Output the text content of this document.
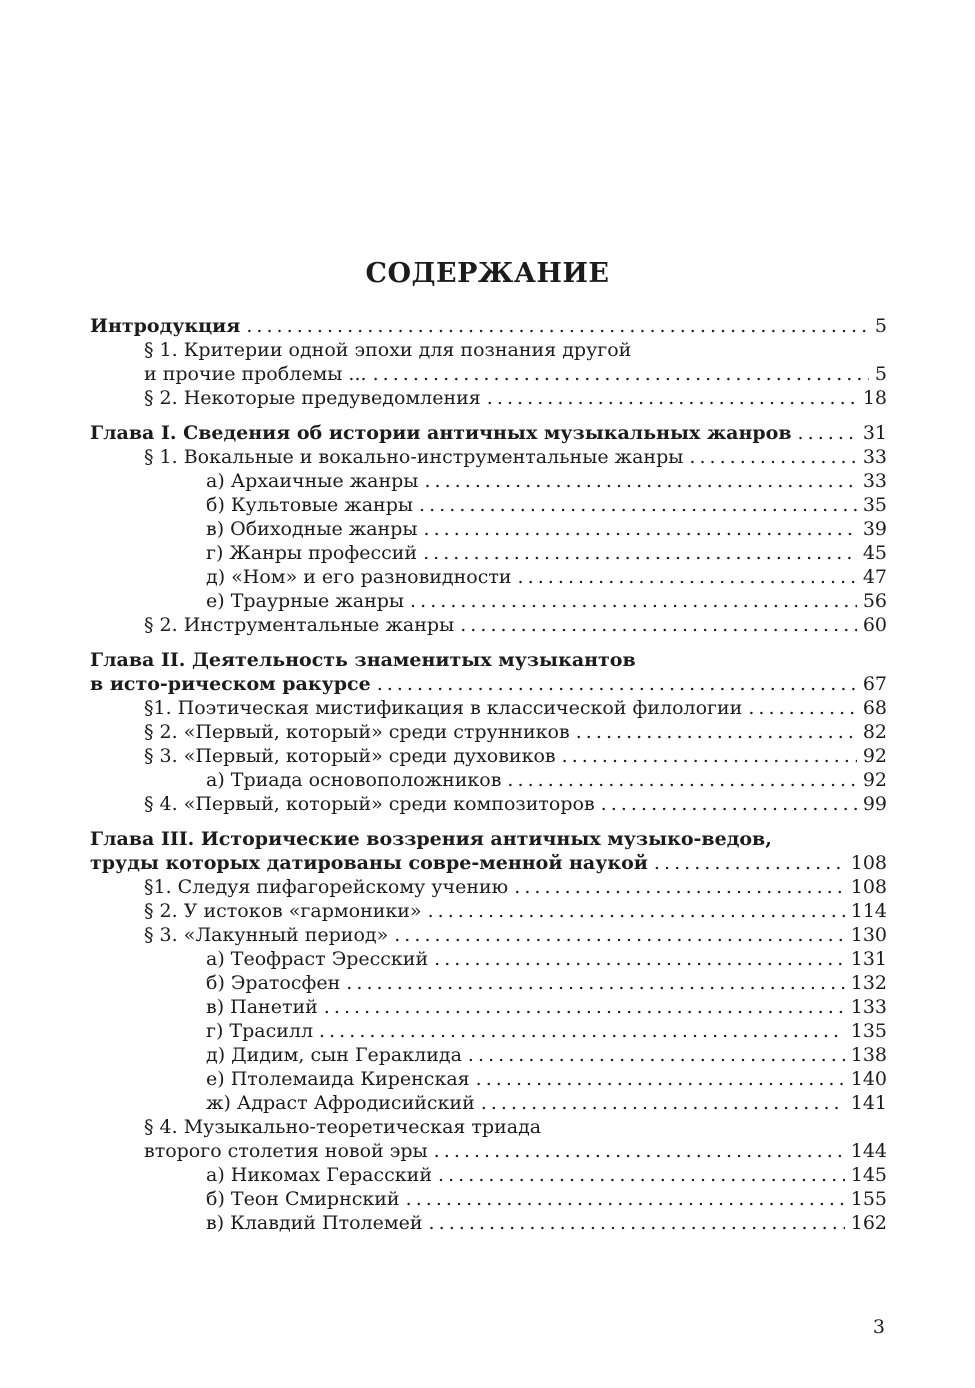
СОДЕРЖАНИЕ
Интродукция . . .	5
§ 1. Критерии одной эпохи для познания другой
и прочие проблемы ... . . .	5
§ 2. Некоторые предуведомления . . .	18
Глава I. Сведения об истории античных музыкальных жанров . . .	31
§ 1. Вокальные и вокально-инструментальные жанры . . .	33
а) Архаичные жанры . . .	33
б) Культовые жанры . . .	35
в) Обиходные жанры . . .	39
г) Жанры профессий . . .	45
д) «Ном» и его разновидности . . .	47
е) Траурные жанры . . .	56
§ 2. Инструментальные жанры . . .	60
Глава II. Деятельность знаменитых музыкантов
в исто-рическом ракурсе . . .	67
§1. Поэтическая мистификация в классической филологии . . .	68
§ 2. «Первый, который» среди струнников . . .	82
§ 3. «Первый, который» среди духовиков . . .	92
а) Триада основоположников . . .	92
§ 4. «Первый, который» среди композиторов . . .	99
Глава III. Исторические воззрения античных музыко-ведов,
труды которых датированы совре-менной наукой . . .	108
§1. Следуя пифагорейскому учению . . .	108
§ 2. У истоков «гармоники» . . .	114
§ 3. «Лакунный период» . . .	130
а) Теофраст Эресский . . .	131
б) Эратосфен . . .	132
в) Панетий . . .	133
г) Трасилл . . .	135
д) Дидим, сын Гераклида . . .	138
е) Птолемаида Киренская . . .	140
ж) Адраст Афродисийский . . .	141
§ 4. Музыкально-теоретическая триада
второго столетия новой эры . . .	144
а) Никомах Герасский . . .	145
б) Теон Смирнский . . .	155
в) Клавдий Птолемей . . .	162
3
